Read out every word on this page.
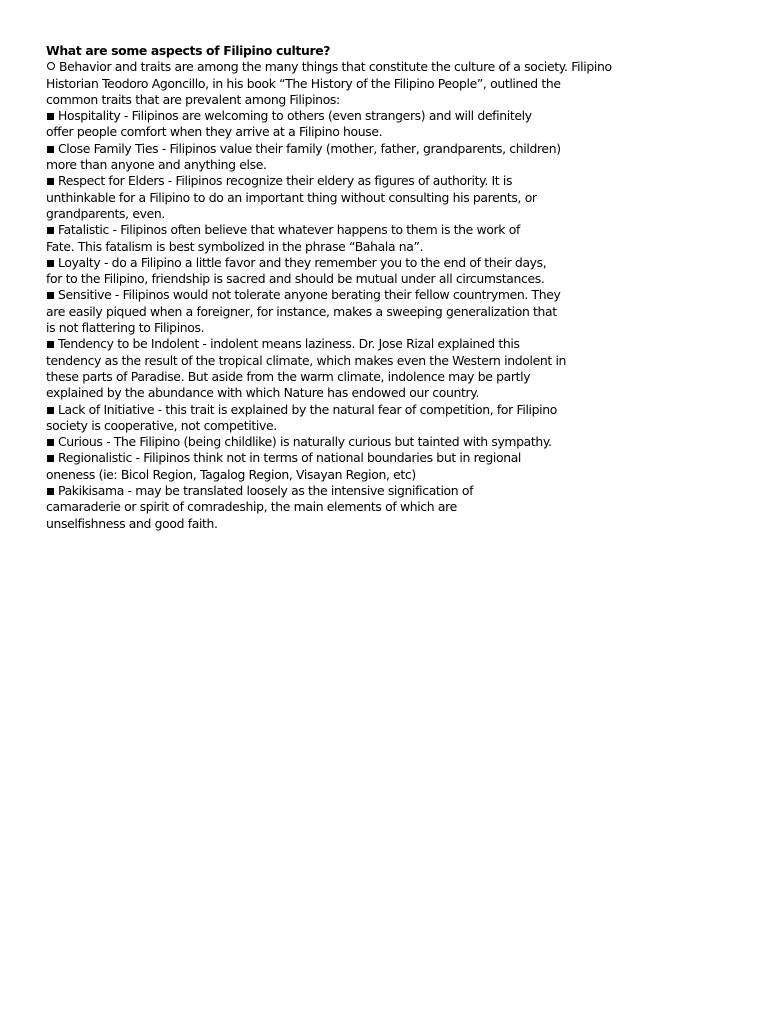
What are some aspects of Filipino culture?
Behavior and traits are among the many things that constitute the culture of a society. Filipino
Historian Teodoro Agoncillo, in his book “The History of the Filipino People”, outlined the
common traits that are prevalent among Filipinos:
Hospitality - Filipinos are welcoming to others (even strangers) and will definitely
offer people comfort when they arrive at a Filipino house.
Close Family Ties - Filipinos value their family (mother, father, grandparents, children)
more than anyone and anything else.
Respect for Elders - Filipinos recognize their eldery as figures of authority. It is
unthinkable for a Filipino to do an important thing without consulting his parents, or
grandparents, even.
Fatalistic - Filipinos often believe that whatever happens to them is the work of
Fate. This fatalism is best symbolized in the phrase “Bahala na”.
Loyalty - do a Filipino a little favor and they remember you to the end of their days,
for to the Filipino, friendship is sacred and should be mutual under all circumstances.
Sensitive - Filipinos would not tolerate anyone berating their fellow countrymen. They
are easily piqued when a foreigner, for instance, makes a sweeping generalization that
is not flattering to Filipinos.
Tendency to be Indolent - indolent means laziness. Dr. Jose Rizal explained this
tendency as the result of the tropical climate, which makes even the Western indolent in
these parts of Paradise. But aside from the warm climate, indolence may be partly
explained by the abundance with which Nature has endowed our country.
Lack of Initiative - this trait is explained by the natural fear of competition, for Filipino
society is cooperative, not competitive.
Curious - The Filipino (being childlike) is naturally curious but tainted with sympathy.
Regionalistic - Filipinos think not in terms of national boundaries but in regional
oneness (ie: Bicol Region, Tagalog Region, Visayan Region, etc)
Pakikisama - may be translated loosely as the intensive signification of
camaraderie or spirit of comradeship, the main elements of which are
unselfishness and good faith.
